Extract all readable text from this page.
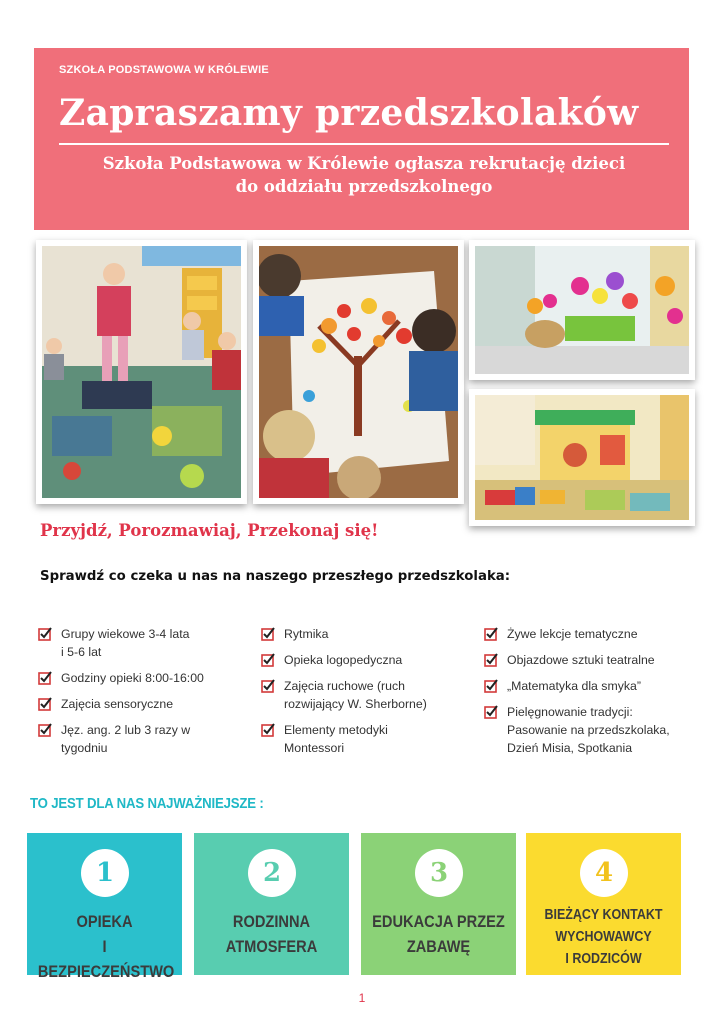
SZKOŁA PODSTAWOWA W KRÓLEWIE
Zapraszamy przedszkolaków
Szkoła Podstawowa w Królewie ogłasza rekrutację dzieci
do oddziału przedszkolnego
Przyjdź, Porozmawiaj, Przekonaj się!
Sprawdź co czeka u nas na naszego przeszłego przedszkolaka:
Grupy wiekowe 3-4 lata
i 5-6 lat
Godziny opieki 8:00-16:00
Zajęcia sensoryczne
Jęz. ang. 2 lub 3 razy w
tygodniu
Rytmika
Opieka logopedyczna
Zajęcia ruchowe (ruch
rozwijający W. Sherborne)
Elementy metodyki
Montessori
Żywe lekcje tematyczne
Objazdowe sztuki teatralne
„Matematyka dla smyka”
Pielęgnowanie tradycji:
Pasowanie na przedszkolaka,
Dzień Misia, Spotkania
TO JEST DLA NAS NAJWAŻNIEJSZE :
1
OPIEKA
I BEZPIECZEŃSTWO
2
RODZINNA
ATMOSFERA
3
EDUKACJA PRZEZ
ZABAWĘ
4
BIEŻĄCY KONTAKT
WYCHOWAWCY
I RODZICÓW
1
